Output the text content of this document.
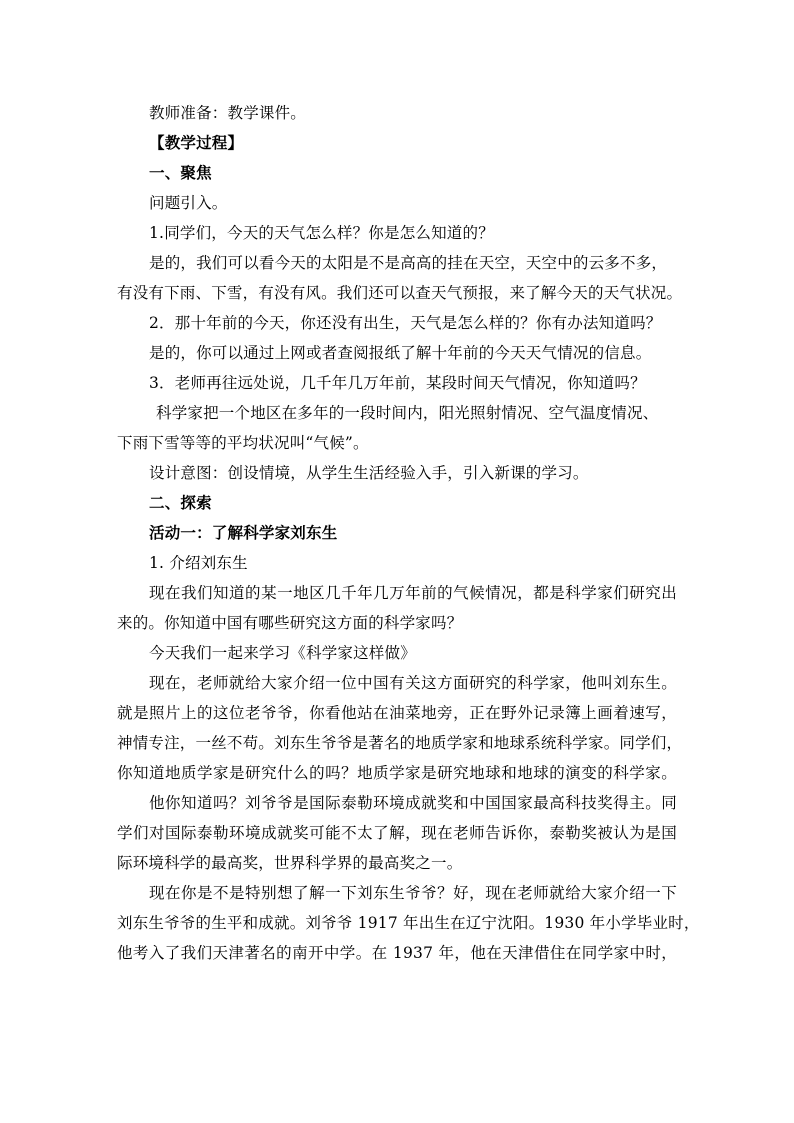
教师准备：教学课件。
【教学过程】
一、聚焦
问题引入。
1.同学们，今天的天气怎么样？你是怎么知道的？
是的，我们可以看今天的太阳是不是高高的挂在天空，天空中的云多不多，
有没有下雨、下雪，有没有风。我们还可以查天气预报，来了解今天的天气状况。
2．那十年前的今天，你还没有出生，天气是怎么样的？你有办法知道吗？
是的，你可以通过上网或者查阅报纸了解十年前的今天天气情况的信息。
3．老师再往远处说，几千年几万年前，某段时间天气情况，你知道吗？
科学家把一个地区在多年的一段时间内，阳光照射情况、空气温度情况、
下雨下雪等等的平均状况叫“气候”。
设计意图：创设情境，从学生生活经验入手，引入新课的学习。
二、探索
活动一：了解科学家刘东生
1. 介绍刘东生
现在我们知道的某一地区几千年几万年前的气候情况，都是科学家们研究出
来的。你知道中国有哪些研究这方面的科学家吗？
今天我们一起来学习《科学家这样做》
现在，老师就给大家介绍一位中国有关这方面研究的科学家，他叫刘东生。
就是照片上的这位老爷爷，你看他站在油菜地旁，正在野外记录簿上画着速写，
神情专注，一丝不苟。刘东生爷爷是著名的地质学家和地球系统科学家。同学们，
你知道地质学家是研究什么的吗？地质学家是研究地球和地球的演变的科学家。
他你知道吗？刘爷爷是国际泰勒环境成就奖和中国国家最高科技奖得主。同
学们对国际泰勒环境成就奖可能不太了解，现在老师告诉你，泰勒奖被认为是国
际环境科学的最高奖，世界科学界的最高奖之一。
现在你是不是特别想了解一下刘东生爷爷？好，现在老师就给大家介绍一下
刘东生爷爷的生平和成就。刘爷爷 1917 年出生在辽宁沈阳。1930 年小学毕业时，
他考入了我们天津著名的南开中学。在 1937 年，他在天津借住在同学家中时，
